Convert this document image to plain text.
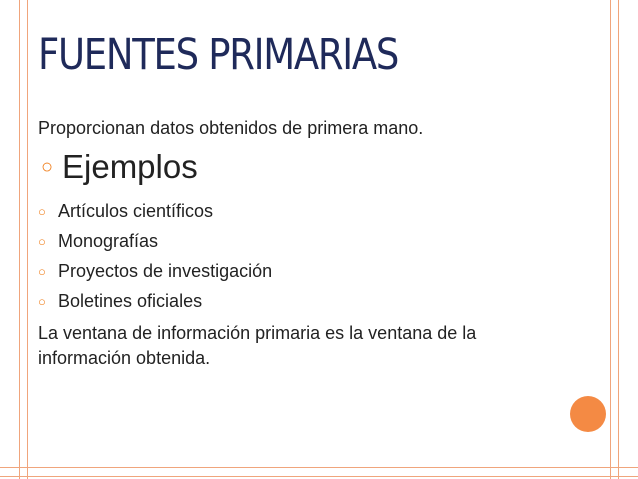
FUENTES PRIMARIAS
Proporcionan datos obtenidos de primera mano.
○ Ejemplos
○ Artículos científicos
○ Monografías
○ Proyectos de investigación
○ Boletines oficiales
La ventana de información primaria es la ventana de la información obtenida.
